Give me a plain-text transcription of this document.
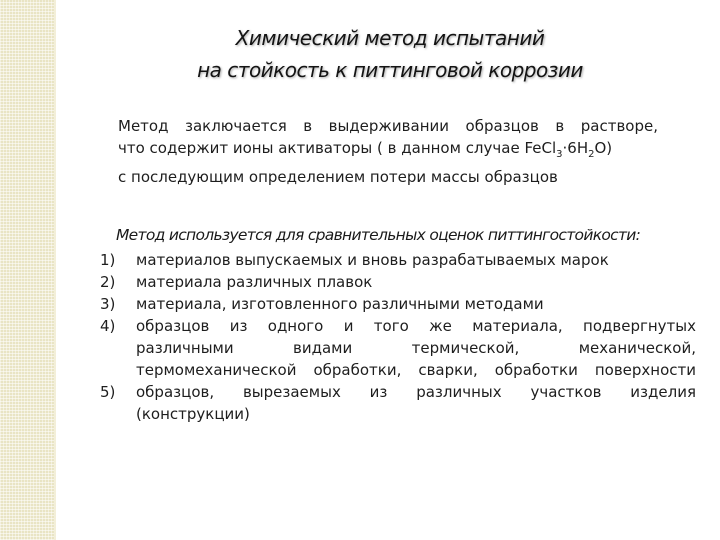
Химический метод испытаний
на стойкость к питтинговой коррозии
Метод заключается в выдерживании образцов в растворе,
что содержит ионы активаторы ( в данном случае $FeCl_3\cdot 6H_2O$)
с последующим определением потери массы образцов
Метод используется для сравнительных оценок питтингостойкости:
1) материалов выпускаемых и вновь разрабатываемых марок
2) материала различных плавок
3) материала, изготовленного различными методами
4) образцов из одного и того же материала, подвергнутых
различными видами термической, механической,
термомеханической обработки, сварки, обработки поверхности
5) образцов, вырезаемых из различных участков изделия
(конструкции)
